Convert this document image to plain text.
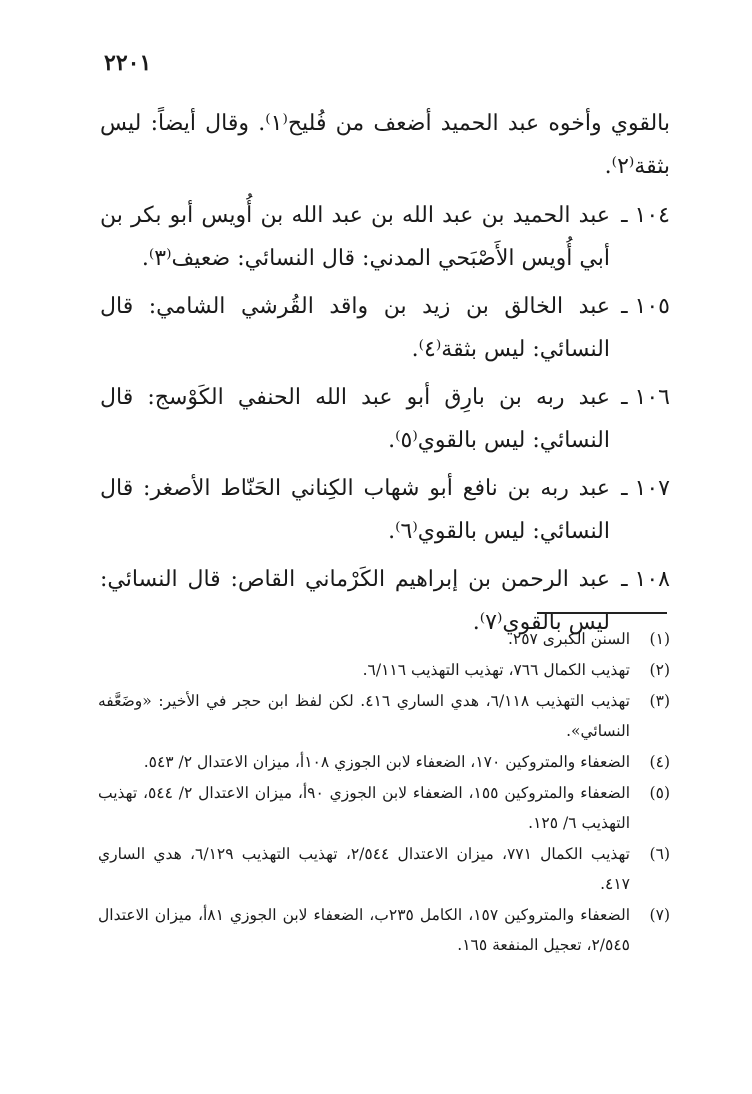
٢٢٠١

بالقوي وأخوه عبد الحميد أضعف من فُليح⁽١⁾. وقال أيضاً: ليس بثقة⁽٢⁾.

١٠٤ ـ
عبد الحميد بن عبد الله بن عبد الله بن أُويس أبو بكر بن أبي أُويس الأَصْبَحي المدني: قال النسائي: ضعيف⁽٣⁾.

١٠٥ ـ
عبد الخالق بن زيد بن واقد القُرشي الشامي: قال النسائي: ليس بثقة⁽٤⁾.

١٠٦ ـ
عبد ربه بن بارِق أبو عبد الله الحنفي الكَوْسج: قال النسائي: ليس بالقوي⁽٥⁾.

١٠٧ ـ
عبد ربه بن نافع أبو شهاب الكِناني الحَنّاط الأصغر: قال النسائي: ليس بالقوي⁽٦⁾.

١٠٨ ـ
عبد الرحمن بن إبراهيم الكَرْماني القاص: قال النسائي: ليس بالقوي⁽٧⁾.

(١)
السنن الكبرى ٢٥٧.
(٢)
تهذيب الكمال ٧٦٦، تهذيب التهذيب ٦/١١٦.
(٣)
تهذيب التهذيب ٦/١١٨، هدي الساري ٤١٦. لكن لفظ ابن حجر في الأخير: «وضَعَّفه النسائي».
(٤)
الضعفاء والمتروكين ١٧٠، الضعفاء لابن الجوزي ١٠٨أ، ميزان الاعتدال ٢/ ٥٤٣.
(٥)
الضعفاء والمتروكين ١٥٥، الضعفاء لابن الجوزي ٩٠أ، ميزان الاعتدال ٢/ ٥٤٤، تهذيب التهذيب ٦/ ١٢٥.
(٦)
تهذيب الكمال ٧٧١، ميزان الاعتدال ٢/٥٤٤، تهذيب التهذيب ٦/١٢٩، هدي الساري ٤١٧.
(٧)
الضعفاء والمتروكين ١٥٧، الكامل ٢٣٥ب، الضعفاء لابن الجوزي ٨١أ، ميزان الاعتدال ٢/٥٤٥، تعجيل المنفعة ١٦٥.
